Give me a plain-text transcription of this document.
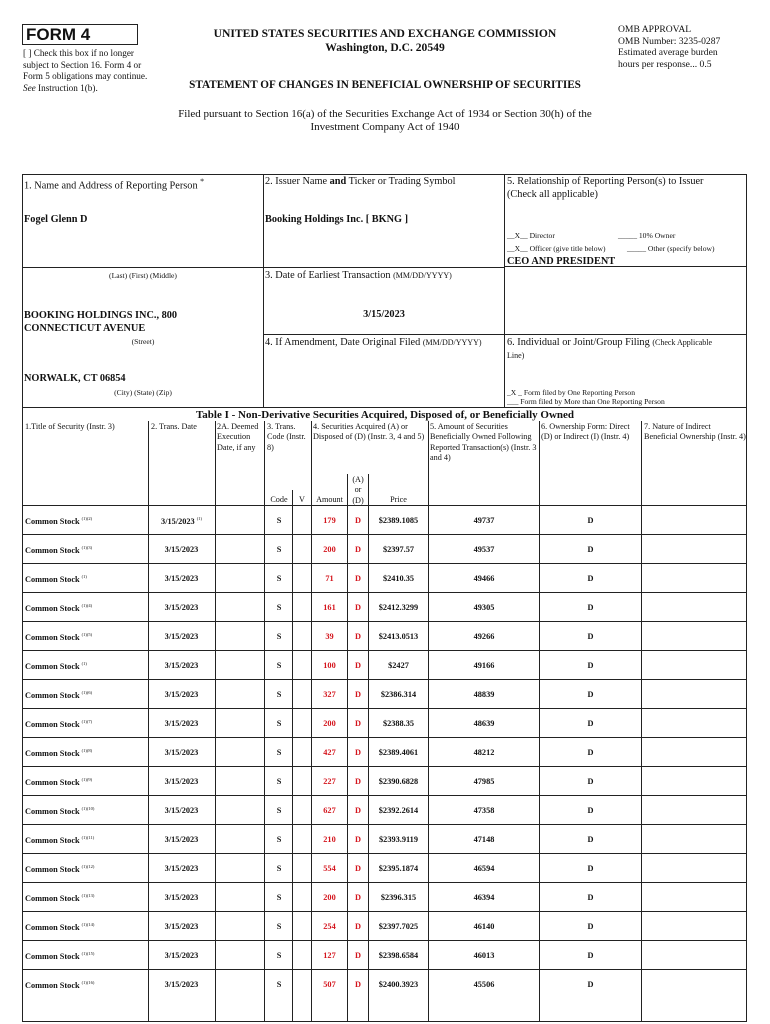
FORM 4
[ ] Check this box if no longer subject to Section 16. Form 4 or Form 5 obligations may continue. See Instruction 1(b).
UNITED STATES SECURITIES AND EXCHANGE COMMISSION
Washington, D.C. 20549
OMB APPROVAL
OMB Number: 3235-0287
Estimated average burden
hours per response... 0.5
STATEMENT OF CHANGES IN BENEFICIAL OWNERSHIP OF SECURITIES
Filed pursuant to Section 16(a) of the Securities Exchange Act of 1934 or Section 30(h) of the
Investment Company Act of 1940
1. Name and Address of Reporting Person *
Fogel Glenn D
(Last) (First) (Middle)
BOOKING HOLDINGS INC., 800
CONNECTICUT AVENUE
(Street)
NORWALK, CT 06854
(City) (State) (Zip)
2. Issuer Name and Ticker or Trading Symbol
Booking Holdings Inc. [ BKNG ]
3. Date of Earliest Transaction (MM/DD/YYYY)
3/15/2023
4. If Amendment, Date Original Filed (MM/DD/YYYY)
5. Relationship of Reporting Person(s) to Issuer
(Check all applicable)
__X__ Director	_____ 10% Owner
__X__ Officer (give title below)	_____ Other (specify below)
CEO AND PRESIDENT
6. Individual or Joint/Group Filing (Check Applicable
Line)
_X _ Form filed by One Reporting Person
___ Form filed by More than One Reporting Person
Table I - Non-Derivative Securities Acquired, Disposed of, or Beneficially Owned
1.Title of Security (Instr. 3)	2. Trans. Date	2A. Deemed Execution Date, if any
3. Trans. Code (Instr. 8)
4. Securities Acquired (A) or Disposed of (D) (Instr. 3, 4 and 5)
5. Amount of Securities Beneficially Owned Following Reported Transaction(s) (Instr. 3 and 4)
6. Ownership Form: Direct (D) or Indirect (I) (Instr. 4)
7. Nature of Indirect Beneficial Ownership (Instr. 4)
Code	V	Amount
(A) or (D)	Price
Common Stock $^{(1)(2)}$	3/15/2023 $^{(1)}$	S	179	D	$2389.1085	49737	D
Common Stock $^{(1)(3)}$	3/15/2023	S	200	D	$2397.57	49537	D
Common Stock $^{(1)}$	3/15/2023	S	71	D	$2410.35	49466	D
Common Stock $^{(1)(4)}$	3/15/2023	S	161	D	$2412.3299	49305	D
Common Stock $^{(1)(5)}$	3/15/2023	S	39	D	$2413.0513	49266	D
Common Stock $^{(1)}$	3/15/2023	S	100	D	$2427	49166	D
Common Stock $^{(1)(6)}$	3/15/2023	S	327	D	$2386.314	48839	D
Common Stock $^{(1)(7)}$	3/15/2023	S	200	D	$2388.35	48639	D
Common Stock $^{(1)(8)}$	3/15/2023	S	427	D	$2389.4061	48212	D
Common Stock $^{(1)(9)}$	3/15/2023	S	227	D	$2390.6828	47985	D
Common Stock $^{(1)(10)}$	3/15/2023	S	627	D	$2392.2614	47358	D
Common Stock $^{(1)(11)}$	3/15/2023	S	210	D	$2393.9119	47148	D
Common Stock $^{(1)(12)}$	3/15/2023	S	554	D	$2395.1874	46594	D
Common Stock $^{(1)(13)}$	3/15/2023	S	200	D	$2396.315	46394	D
Common Stock $^{(1)(14)}$	3/15/2023	S	254	D	$2397.7025	46140	D
Common Stock $^{(1)(15)}$	3/15/2023	S	127	D	$2398.6584	46013	D
Common Stock $^{(1)(16)}$	3/15/2023	S	507	D	$2400.3923	45506	D
